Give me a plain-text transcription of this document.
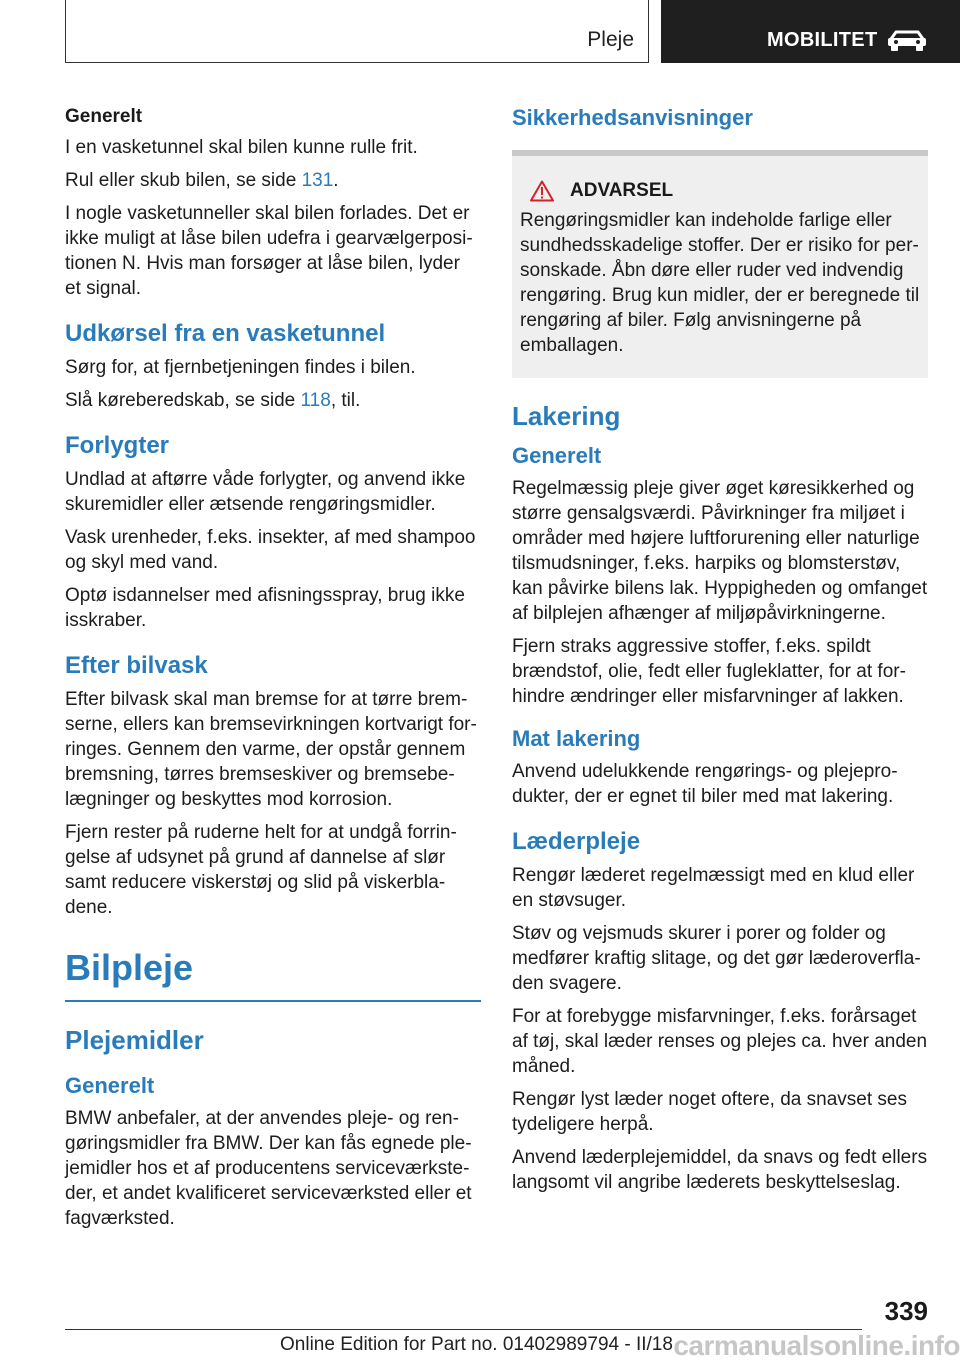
Pleje	MOBILITET
Generelt

I en vasketunnel skal bilen kunne rulle frit.

Rul eller skub bilen, se side 131.

I nogle vasketunneller skal bilen forlades. Det er ikke muligt at låse bilen udefra i gearvælgerpositionen N. Hvis man forsøger at låse bilen, lyder et signal.

Udkørsel fra en vasketunnel

Sørg for, at fjernbetjeningen findes i bilen.

Slå køreberedskab, se side 118, til.

Forlygter

Undlad at aftørre våde forlygter, og anvend ikke skuremidler eller ætsende rengøringsmidler.

Vask urenheder, f.eks. insekter, af med shampoo og skyl med vand.

Optø isdannelser med afisningsspray, brug ikke isskraber.

Efter bilvask

Efter bilvask skal man bremse for at tørre bremserne, ellers kan bremsevirkningen kortvarigt forringes. Gennem den varme, der opstår gennem bremsning, tørres bremseskiver og bremsebelægninger og beskyttes mod korrosion.

Fjern rester på ruderne helt for at undgå forringelse af udsynet på grund af dannelse af slør samt reducere viskerstøj og slid på viskerbladene.

Bilpleje
Plejemidler
Generelt

BMW anbefaler, at der anvendes pleje- og rengøringsmidler fra BMW. Der kan fås egnede plejemidler hos et af producentens serviceværksteder, et andet kvalificeret serviceværksted eller et fagværksted.

Sikkerhedsanvisninger
ADVARSEL

Rengøringsmidler kan indeholde farlige eller sundhedsskadelige stoffer. Der er risiko for personskade. Åbn døre eller ruder ved indvendig rengøring. Brug kun midler, der er beregnede til rengøring af biler. Følg anvisningerne på emballagen.

Lakering
Generelt

Regelmæssig pleje giver øget køresikkerhed og større gensalgsværdi. Påvirkninger fra miljøet i områder med højere luftforurening eller naturlige tilsmudsninger, f.eks. harpiks og blomsterstøv, kan påvirke bilens lak. Hyppigheden og omfanget af bilplejen afhænger af miljøpåvirkningerne.

Fjern straks aggressive stoffer, f.eks. spildt brændstof, olie, fedt eller fugleklatter, for at forhindre ændringer eller misfarvninger af lakken.

Mat lakering

Anvend udelukkende rengørings- og plejeprodukter, der er egnet til biler med mat lakering.

Læderpleje

Rengør læderet regelmæssigt med en klud eller en støvsuger.

Støv og vejsmuds skurer i porer og folder og medfører kraftig slitage, og det gør læderoverfladen svagere.

For at forebygge misfarvninger, f.eks. forårsaget af tøj, skal læder renses og plejes ca. hver anden måned.

Rengør lyst læder noget oftere, da snavset ses tydeligere herpå.

Anvend læderplejemiddel, da snavs og fedt ellers langsomt vil angribe læderets beskyttelseslag.

339
Online Edition for Part no. 01402989794 - II/18 carmanualsonline.info
